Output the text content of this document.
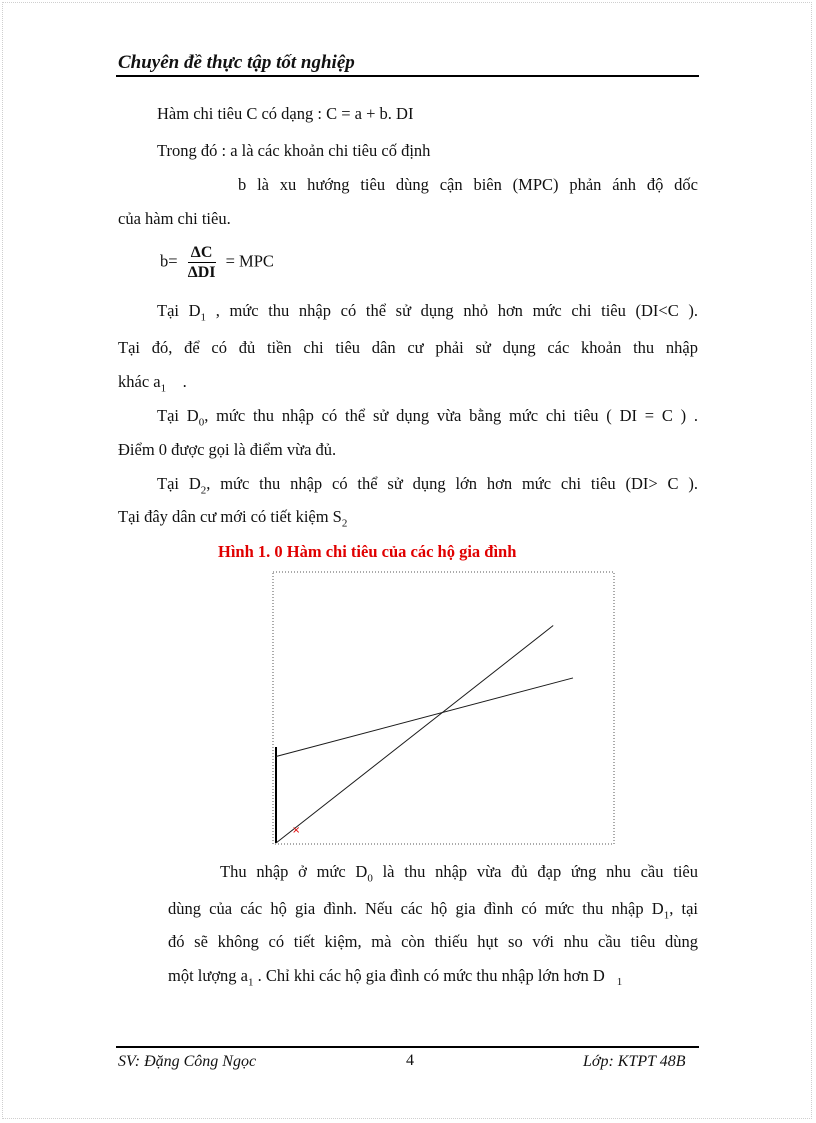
Chuyên đề thực tập tốt nghiệp
Hàm chi tiêu C có dạng : C = a + b. DI
Trong đó : a là các khoản chi tiêu cố định
b là xu hướng tiêu dùng cận biên (MPC) phản ánh độ dốc
của hàm chi tiêu.
$b= \frac{\Delta C}{\text{ΔDI}}$ = MPC
Tại $D_1$ , mức thu nhập có thể sử dụng nhỏ hơn mức chi tiêu (DI<C ).
Tại đó, để có đủ tiền chi tiêu dân cư phải sử dụng các khoản thu nhập
khác $a_1$    .
Tại $D_0$, mức thu nhập có thể sử dụng vừa bằng mức chi tiêu ( DI = C ) .
Điểm 0 được gọi là điểm vừa đủ.
Tại $D_2$, mức thu nhập có thể sử dụng lớn hơn mức chi tiêu (DI> C ).
Tại đây dân cư mới có tiết kiệm $S_2$
Hình 1. 0 Hàm chi tiêu của các hộ gia đình
×
Thu nhập ở mức $D_0$ là thu nhập vừa đủ đạp ứng nhu cầu tiêu
dùng của các hộ gia đình. Nếu các hộ gia đình có mức thu nhập $D_1$, tại
đó sẽ không có tiết kiệm, mà còn thiếu hụt so với nhu cầu tiêu dùng
một lượng $a_1$ . Chỉ khi các hộ gia đình có mức thu nhập lớn hơn D $_1$
SV: Đặng Công Ngọc	4	Lớp: KTPT 48B
